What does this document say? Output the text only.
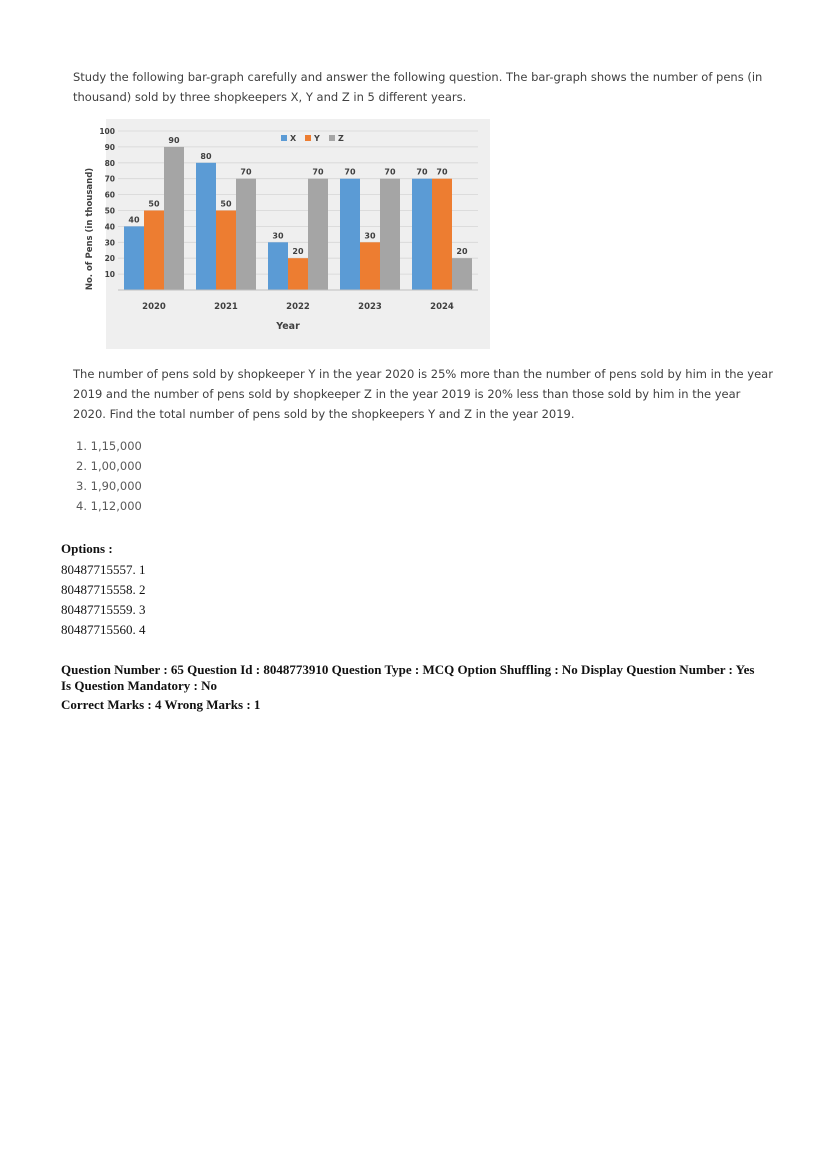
Study the following bar-graph carefully and answer the following question. The bar-graph shows the number of pens (in thousand) sold by three shopkeepers X, Y and Z in 5 different years.
40
50
90
80
50
70
30
20
70	70
30
70	70 70
20
10
20
30
40
50
60
70
80
90
100
2020	2021	2022	2023	2024
X Y Z
No. of Pens (in thousand)
Year
The number of pens sold by shopkeeper Y in the year 2020 is 25% more than the number of pens sold by him in the year 2019 and the number of pens sold by shopkeeper Z in the year 2019 is 20% less than those sold by him in the year 2020. Find the total number of pens sold by the shopkeepers Y and Z in the year 2019.
1. 1,15,000
2. 1,00,000
3. 1,90,000
4. 1,12,000
Options :
80487715557. 1
80487715558. 2
80487715559. 3
80487715560. 4
Question Number : 65 Question Id : 8048773910 Question Type : MCQ Option Shuffling : No Display Question Number : Yes
Is Question Mandatory : No
Correct Marks : 4 Wrong Marks : 1
